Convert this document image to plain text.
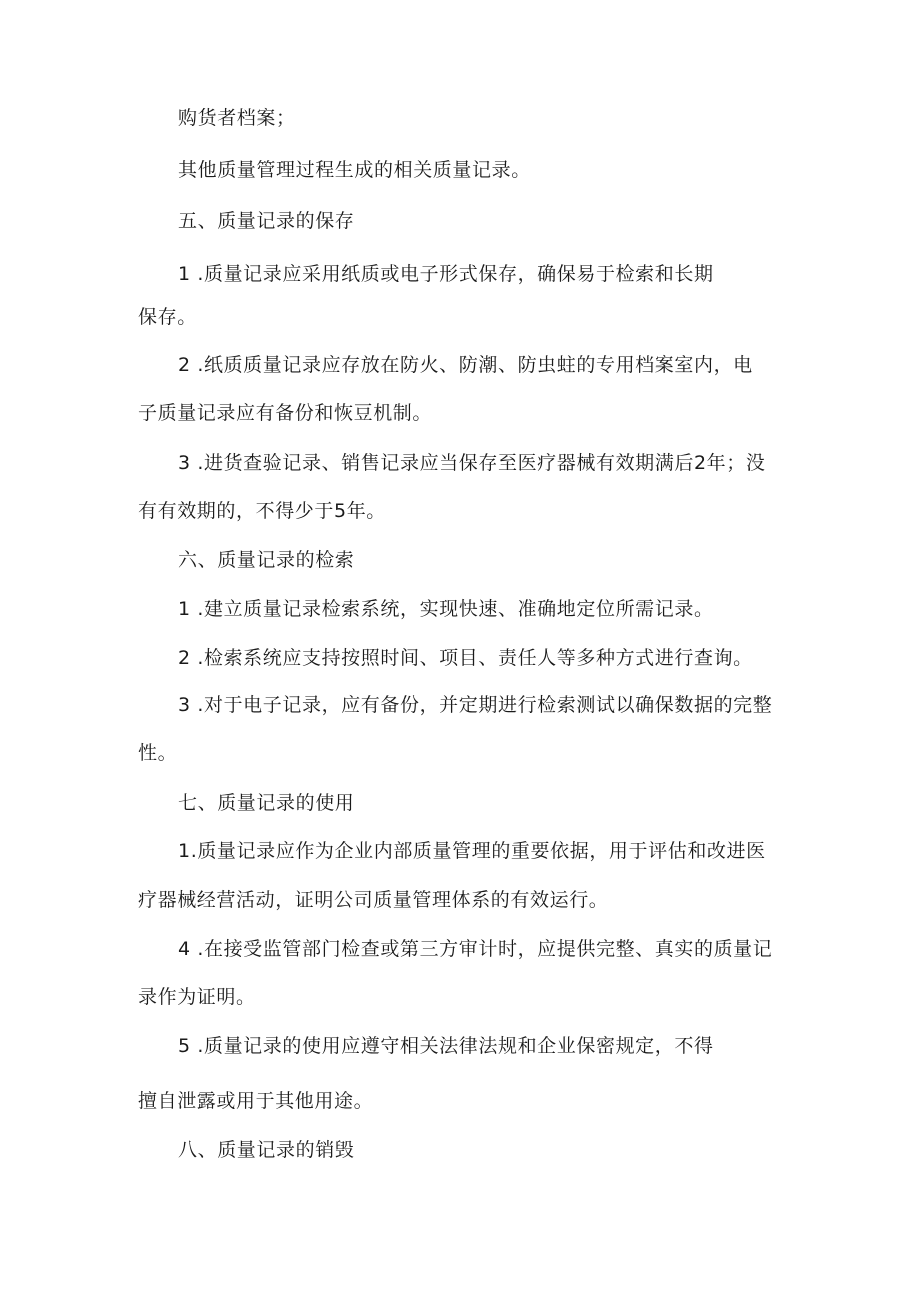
购货者档案；

其他质量管理过程生成的相关质量记录。

五、质量记录的保存

1 .质量记录应采用纸质或电子形式保存，确保易于检索和长期

保存。

2 .纸质质量记录应存放在防火、防潮、防虫蛀的专用档案室内，电

子质量记录应有备份和恢豆机制。

3 .进货查验记录、销售记录应当保存至医疗器械有效期满后2年；没

有有效期的，不得少于5年。

六、质量记录的检索

1 .建立质量记录检索系统，实现快速、准确地定位所需记录。

2 .检索系统应支持按照时间、项目、责任人等多种方式进行查询。

3 .对于电子记录，应有备份，并定期进行检索测试以确保数据的完整

性。

七、质量记录的使用

1.质量记录应作为企业内部质量管理的重要依据，用于评估和改进医

疗器械经营活动，证明公司质量管理体系的有效运行。

4 .在接受监管部门检查或第三方审计时，应提供完整、真实的质量记

录作为证明。

5 .质量记录的使用应遵守相关法律法规和企业保密规定，不得

擅自泄露或用于其他用途。

八、质量记录的销毁
